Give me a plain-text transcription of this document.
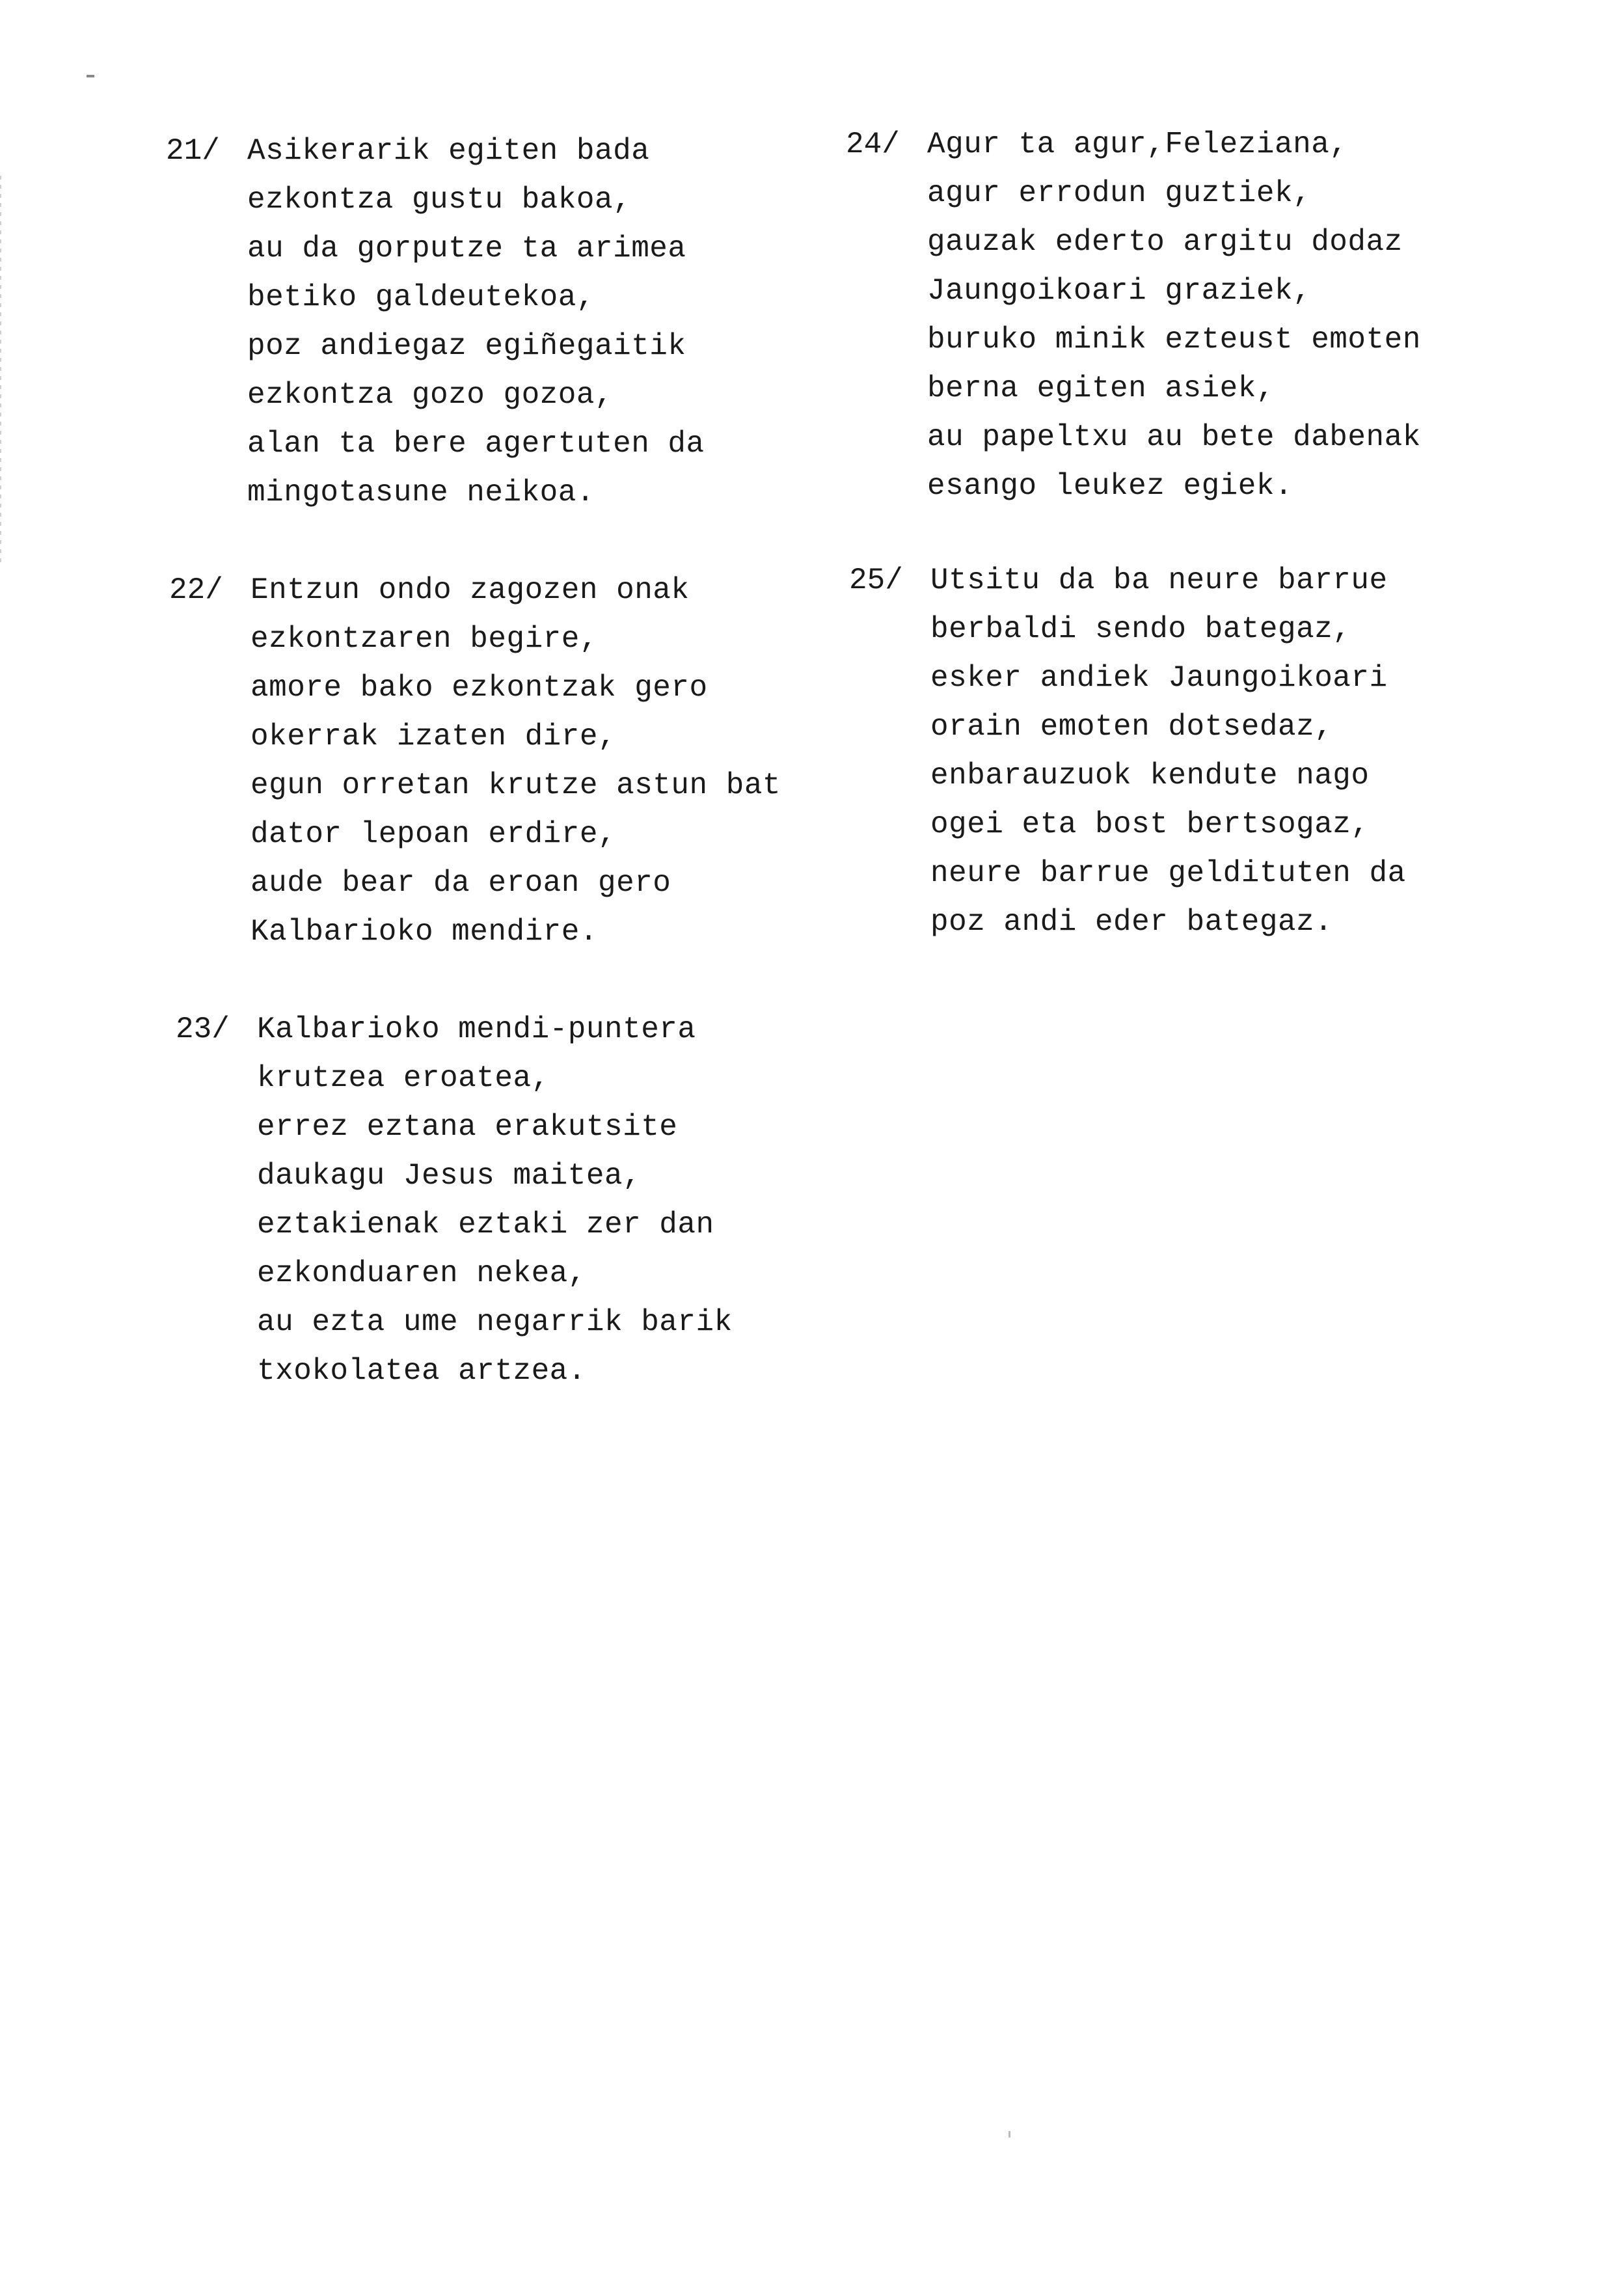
21/ Asikerarik egiten bada
ezkontza gustu bakoa,
au da gorputze ta arimea
betiko galdeutekoa,
poz andiegaz egiñegaitik
ezkontza gozo gozoa,
alan ta bere agertuten da
mingotasune neikoa.
22/ Entzun ondo zagozen onak
ezkontzaren begire,
amore bako ezkontzak gero
okerrak izaten dire,
egun orretan krutze astun bat
dator lepoan erdire,
aude bear da eroan gero
Kalbarioko mendire.
23/ Kalbarioko mendi-puntera
krutzea eroatea,
errez eztana erakutsite
daukagu Jesus maitea,
eztakienak eztaki zer dan
ezkonduaren nekea,
au ezta ume negarrik barik
txokolatea artzea.
24/ Agur ta agur,Feleziana,
agur errodun guztiek,
gauzak ederto argitu dodaz
Jaungoikoari graziek,
buruko minik ezteust emoten
berna egiten asiek,
au papeltxu au bete dabenak
esango leukez egiek.
25/ Utsitu da ba neure barrue
berbaldi sendo bategaz,
esker andiek Jaungoikoari
orain emoten dotsedaz,
enbarauzuok kendute nago
ogei eta bost bertsogaz,
neure barrue geldituten da
poz andi eder bategaz.
